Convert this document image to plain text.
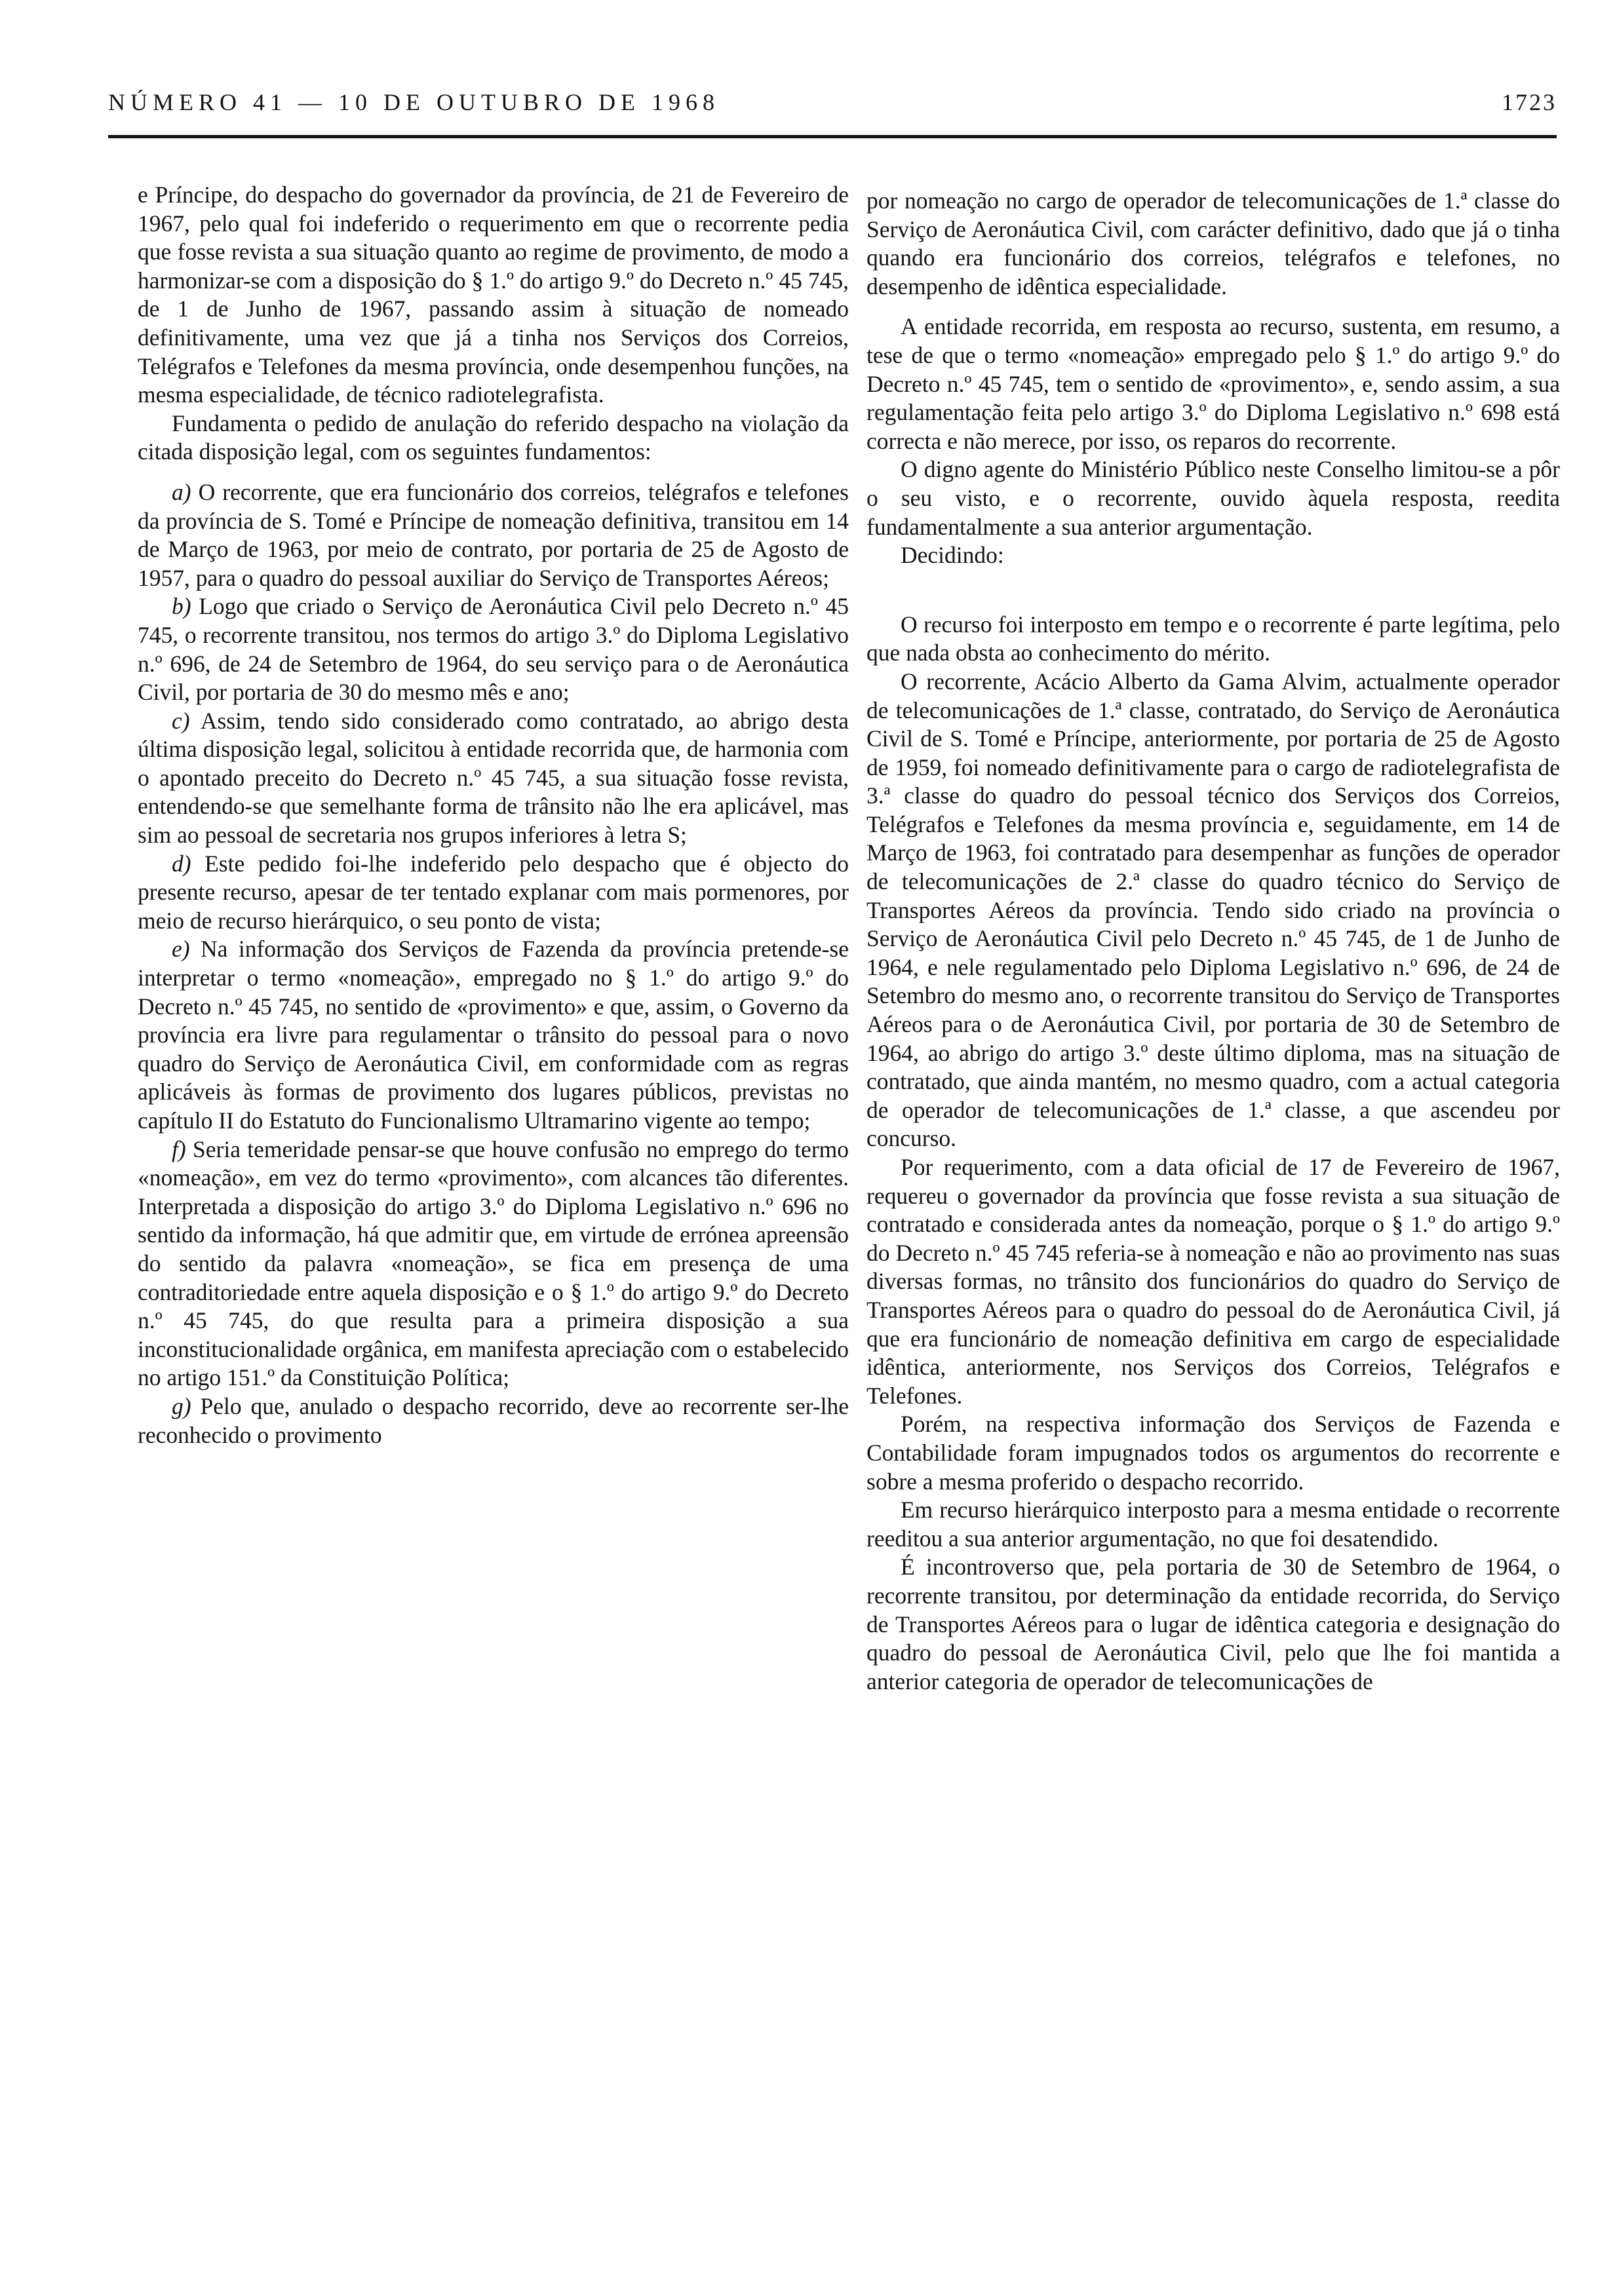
NÚMERO 41 — 10 DE OUTUBRO DE 1968	1723

e Príncipe, do despacho do governador da província, de 21 de Fevereiro de 1967, pelo qual foi indeferido o requerimento em que o recorrente pedia que fosse revista a sua situação quanto ao regime de provimento, de modo a harmonizar-se com a disposição do § 1.º do artigo 9.º do Decreto n.º 45 745, de 1 de Junho de 1967, passando assim à situação de nomeado definitivamente, uma vez que já a tinha nos Serviços dos Correios, Telégrafos e Telefones da mesma província, onde desempenhou funções, na mesma especialidade, de técnico radiotelegrafista.

Fundamenta o pedido de anulação do referido despacho na violação da citada disposição legal, com os seguintes fundamentos:

a) O recorrente, que era funcionário dos correios, telégrafos e telefones da província de S. Tomé e Príncipe de nomeação definitiva, transitou em 14 de Março de 1963, por meio de contrato, por portaria de 25 de Agosto de 1957, para o quadro do pessoal auxiliar do Serviço de Transportes Aéreos;

b) Logo que criado o Serviço de Aeronáutica Civil pelo Decreto n.º 45 745, o recorrente transitou, nos termos do artigo 3.º do Diploma Legislativo n.º 696, de 24 de Setembro de 1964, do seu serviço para o de Aeronáutica Civil, por portaria de 30 do mesmo mês e ano;

c) Assim, tendo sido considerado como contratado, ao abrigo desta última disposição legal, solicitou à entidade recorrida que, de harmonia com o apontado preceito do Decreto n.º 45 745, a sua situação fosse revista, entendendo-se que semelhante forma de trânsito não lhe era aplicável, mas sim ao pessoal de secretaria nos grupos inferiores à letra S;

d) Este pedido foi-lhe indeferido pelo despacho que é objecto do presente recurso, apesar de ter tentado explanar com mais pormenores, por meio de recurso hierárquico, o seu ponto de vista;

e) Na informação dos Serviços de Fazenda da província pretende-se interpretar o termo «nomeação», empregado no § 1.º do artigo 9.º do Decreto n.º 45 745, no sentido de «provimento» e que, assim, o Governo da província era livre para regulamentar o trânsito do pessoal para o novo quadro do Serviço de Aeronáutica Civil, em conformidade com as regras aplicáveis às formas de provimento dos lugares públicos, previstas no capítulo II do Estatuto do Funcionalismo Ultramarino vigente ao tempo;

f) Seria temeridade pensar-se que houve confusão no emprego do termo «nomeação», em vez do termo «provimento», com alcances tão diferentes. Interpretada a disposição do artigo 3.º do Diploma Legislativo n.º 696 no sentido da informação, há que admitir que, em virtude de errónea apreensão do sentido da palavra «nomeação», se fica em presença de uma contraditoriedade entre aquela disposição e o § 1.º do artigo 9.º do Decreto n.º 45 745, do que resulta para a primeira disposição a sua inconstitucionalidade orgânica, em manifesta apreciação com o estabelecido no artigo 151.º da Constituição Política;

g) Pelo que, anulado o despacho recorrido, deve ao recorrente ser-lhe reconhecido o provimento

por nomeação no cargo de operador de telecomunicações de 1.ª classe do Serviço de Aeronáutica Civil, com carácter definitivo, dado que já o tinha quando era funcionário dos correios, telégrafos e telefones, no desempenho de idêntica especialidade.

A entidade recorrida, em resposta ao recurso, sustenta, em resumo, a tese de que o termo «nomeação» empregado pelo § 1.º do artigo 9.º do Decreto n.º 45 745, tem o sentido de «provimento», e, sendo assim, a sua regulamentação feita pelo artigo 3.º do Diploma Legislativo n.º 698 está correcta e não merece, por isso, os reparos do recorrente.

O digno agente do Ministério Público neste Conselho limitou-se a pôr o seu visto, e o recorrente, ouvido àquela resposta, reedita fundamentalmente a sua anterior argumentação.

Decidindo:

O recurso foi interposto em tempo e o recorrente é parte legítima, pelo que nada obsta ao conhecimento do mérito.

O recorrente, Acácio Alberto da Gama Alvim, actualmente operador de telecomunicações de 1.ª classe, contratado, do Serviço de Aeronáutica Civil de S. Tomé e Príncipe, anteriormente, por portaria de 25 de Agosto de 1959, foi nomeado definitivamente para o cargo de radiotelegrafista de 3.ª classe do quadro do pessoal técnico dos Serviços dos Correios, Telégrafos e Telefones da mesma província e, seguidamente, em 14 de Março de 1963, foi contratado para desempenhar as funções de operador de telecomunicações de 2.ª classe do quadro técnico do Serviço de Transportes Aéreos da província. Tendo sido criado na província o Serviço de Aeronáutica Civil pelo Decreto n.º 45 745, de 1 de Junho de 1964, e nele regulamentado pelo Diploma Legislativo n.º 696, de 24 de Setembro do mesmo ano, o recorrente transitou do Serviço de Transportes Aéreos para o de Aeronáutica Civil, por portaria de 30 de Setembro de 1964, ao abrigo do artigo 3.º deste último diploma, mas na situação de contratado, que ainda mantém, no mesmo quadro, com a actual categoria de operador de telecomunicações de 1.ª classe, a que ascendeu por concurso.

Por requerimento, com a data oficial de 17 de Fevereiro de 1967, requereu o governador da província que fosse revista a sua situação de contratado e considerada antes da nomeação, porque o § 1.º do artigo 9.º do Decreto n.º 45 745 referia-se à nomeação e não ao provimento nas suas diversas formas, no trânsito dos funcionários do quadro do Serviço de Transportes Aéreos para o quadro do pessoal do de Aeronáutica Civil, já que era funcionário de nomeação definitiva em cargo de especialidade idêntica, anteriormente, nos Serviços dos Correios, Telégrafos e Telefones.

Porém, na respectiva informação dos Serviços de Fazenda e Contabilidade foram impugnados todos os argumentos do recorrente e sobre a mesma proferido o despacho recorrido.

Em recurso hierárquico interposto para a mesma entidade o recorrente reeditou a sua anterior argumentação, no que foi desatendido.

É incontroverso que, pela portaria de 30 de Setembro de 1964, o recorrente transitou, por determinação da entidade recorrida, do Serviço de Transportes Aéreos para o lugar de idêntica categoria e designação do quadro do pessoal de Aeronáutica Civil, pelo que lhe foi mantida a anterior categoria de operador de telecomunicações de
